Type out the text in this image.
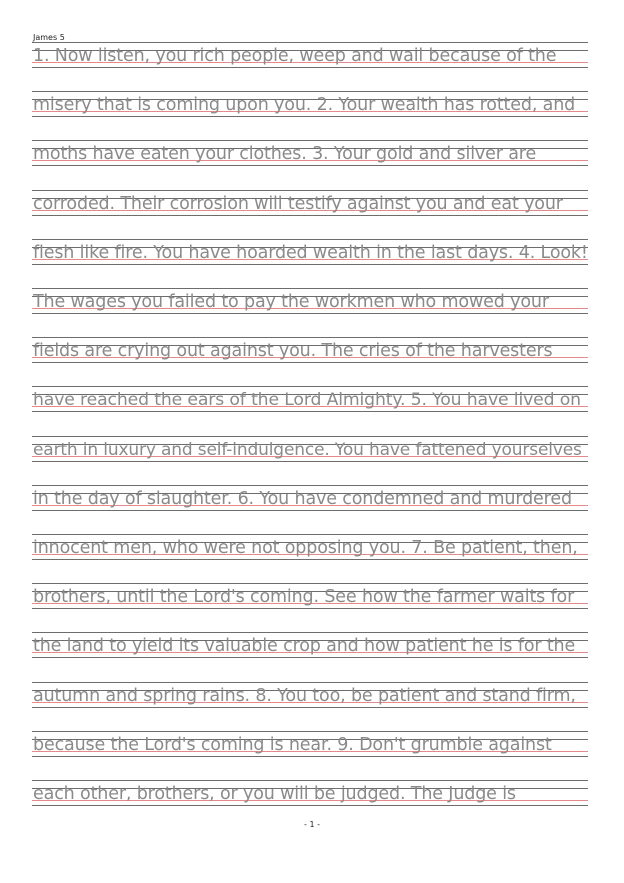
James 5
1. Now listen, you rich people, weep and wail because of the
misery that is coming upon you. 2. Your wealth has rotted, and
moths have eaten your clothes. 3. Your gold and silver are
corroded. Their corrosion will testify against you and eat your
flesh like fire. You have hoarded wealth in the last days. 4. Look!
The wages you failed to pay the workmen who mowed your
fields are crying out against you. The cries of the harvesters
have reached the ears of the Lord Almighty. 5. You have lived on
earth in luxury and self-indulgence. You have fattened yourselves
in the day of slaughter. 6. You have condemned and murdered
innocent men, who were not opposing you. 7. Be patient, then,
brothers, until the Lord's coming. See how the farmer waits for
the land to yield its valuable crop and how patient he is for the
autumn and spring rains. 8. You too, be patient and stand firm,
because the Lord's coming is near. 9. Don't grumble against
each other, brothers, or you will be judged. The Judge is
- 1 -
